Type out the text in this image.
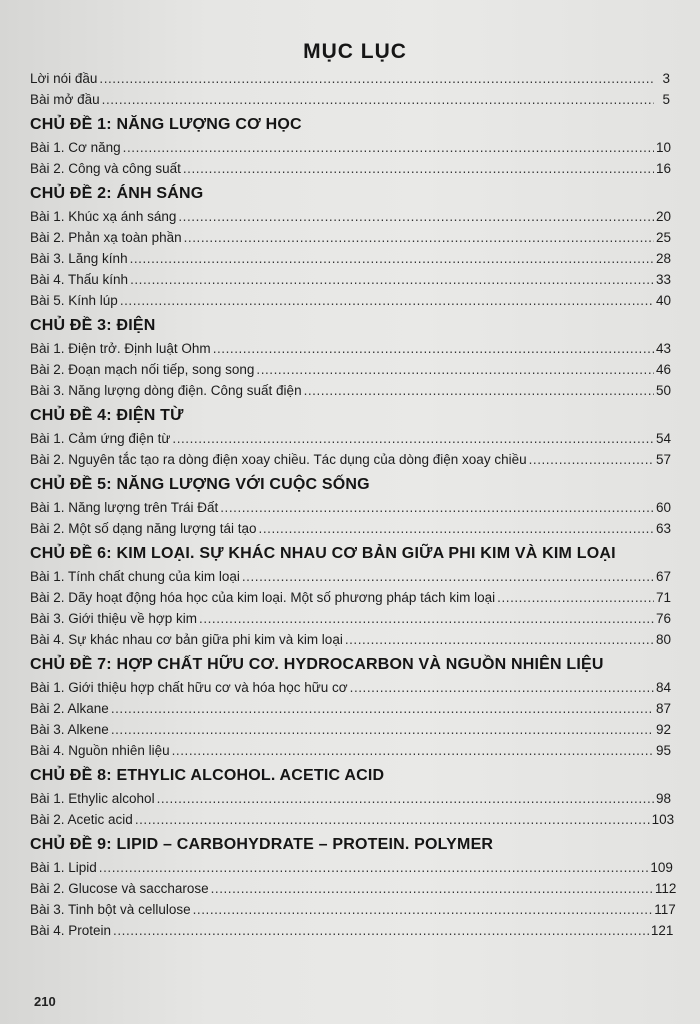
MỤC LỤC
Lời nói đầu . . .	3
Bài mở đầu . . .	5
CHỦ ĐỀ 1: NĂNG LƯỢNG CƠ HỌC
Bài 1. Cơ năng . . .	10
Bài 2. Công và công suất . . .	16
CHỦ ĐỀ 2: ÁNH SÁNG
Bài 1. Khúc xạ ánh sáng . . .	20
Bài 2. Phản xạ toàn phần . . .	25
Bài 3. Lăng kính . . .	28
Bài 4. Thấu kính . . .	33
Bài 5. Kính lúp . . .	40
CHỦ ĐỀ 3: ĐIỆN
Bài 1. Điện trở. Định luật Ohm . . .	43
Bài 2. Đoạn mạch nối tiếp, song song . . .	46
Bài 3. Năng lượng dòng điện. Công suất điện . . .	50
CHỦ ĐỀ 4: ĐIỆN TỪ
Bài 1. Cảm ứng điện từ . . .	54
Bài 2. Nguyên tắc tạo ra dòng điện xoay chiều. Tác dụng của dòng điện xoay chiều . . .	57
CHỦ ĐỀ 5: NĂNG LƯỢNG VỚI CUỘC SỐNG
Bài 1. Năng lượng trên Trái Đất . . .	60
Bài 2. Một số dạng năng lượng tái tạo . . .	63
CHỦ ĐỀ 6: KIM LOẠI. SỰ KHÁC NHAU CƠ BẢN GIỮA PHI KIM VÀ KIM LOẠI
Bài 1. Tính chất chung của kim loại . . .	67
Bài 2. Dãy hoạt động hóa học của kim loại. Một số phương pháp tách kim loại . . .	71
Bài 3. Giới thiệu về hợp kim . . .	76
Bài 4. Sự khác nhau cơ bản giữa phi kim và kim loại . . .	80
CHỦ ĐỀ 7: HỢP CHẤT HỮU CƠ. HYDROCARBON VÀ NGUỒN NHIÊN LIỆU
Bài 1. Giới thiệu hợp chất hữu cơ và hóa học hữu cơ . . .	84
Bài 2. Alkane . . .	87
Bài 3. Alkene . . .	92
Bài 4. Nguồn nhiên liệu . . .	95
CHỦ ĐỀ 8: ETHYLIC ALCOHOL. ACETIC ACID
Bài 1. Ethylic alcohol . . .	98
Bài 2. Acetic acid . . .	103
CHỦ ĐỀ 9: LIPID – CARBOHYDRATE – PROTEIN. POLYMER
Bài 1. Lipid . . .	109
Bài 2. Glucose và saccharose . . .	112
Bài 3. Tinh bột và cellulose . . .	117
Bài 4. Protein . . .	121
210
